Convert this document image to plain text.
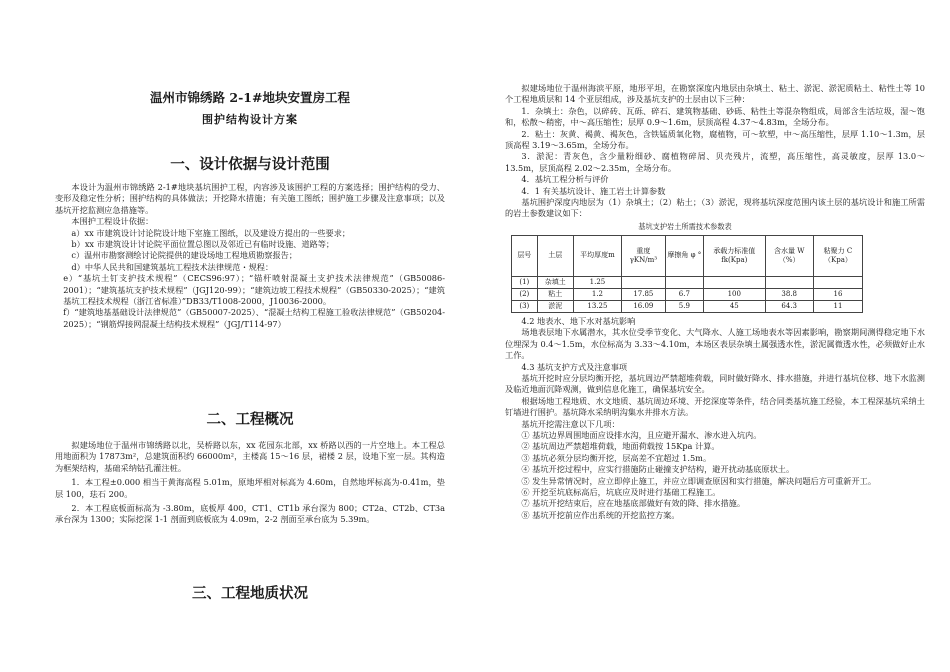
温州市锦绣路 2-1#地块安置房工程
围护结构设计方案
一、设计依据与设计范围

本设计为温州市锦绣路 2-1#地块基坑围护工程，内容涉及该围护工程的方案选择；围护结构的受力、变形及稳定性分析；围护结构的具体做法；开挖降水措施；有关施工图纸；围护施工步骤及注意事项；以及基坑开挖监测应急措施等。

本围护工程设计依据：

a）xx 市建筑设计讨论院设计地下室施工图纸，以及建设方提出的一些要求；

b）xx 市建筑设计讨论院平面位置总图以及邻近已有临时设施、道路等；

c）温州市勘察测绘讨论院提供的建设场地工程地质勘察报告；

d）中华人民共和国建筑基坑工程技术法律规范・规程：

e）“基坑土钉支护技术规程”（CECS96:97）；“锚杆喷射混凝土支护技术法律规范”（GB50086-2001）；“建筑基坑支护技术规程”（JGJ120-99）；“建筑边坡工程技术规程”（GB50330-2025）；“建筑基坑工程技术规程（浙江省标准）”DB33/T1008-2000，J10036-2000。

f）“建筑地基基础设计法律规范”（GB50007-2025）、“混凝土结构工程施工验收法律规范”（GB50204-2025）；“钢筋焊接网混凝土结构技术规程”（JGJ/T114-97）

二、工程概况

拟建场地位于温州市锦绣路以北，吴桥路以东，xx 花园东北部，xx 桥路以西的一片空地上。本工程总用地面积为 17873m²，总建筑面积约 66000m²，主楼高 15～16 层，裙楼 2 层，设地下室一层。其构造为框架结构，基础采纳钻孔灌注桩。

1．本工程±0.000 相当于黄海高程 5.01m，原地坪相对标高为 4.60m，自然地坪标高为-0.41m，垫层 100，珐石 200。

2．本工程底板面标高为 -3.80m，底板厚 400，CT1、CT1b 承台深为 800；CT2a、CT2b、CT3a 承台深为 1300；实际挖深 1-1 剖面到底板底为 4.09m，2-2 剖面至承台底为 5.39m。

三、工程地质状况

拟建场地位于温州海滨平原，地形平坦，在勘察深度内地层由杂填土、粘土、淤泥、淤泥质粘土、粘性土等 10 个工程地质层和 14 个亚层组成，涉及基坑支护的土层由以下三种：

1．杂填土：杂色，以碎砖、瓦砾、碎石、建筑物基础、砂砾、粘性土等混杂物组成，局部含生活垃圾，湿～饱和，松散～稍密，中～高压缩性；层厚 0.9～1.6m，层顶高程 4.37～4.83m，全场分布。

2．粘土：灰黄、褐黄、褐灰色，含铁锰质氧化物，腐植物，可～软塑，中～高压缩性，层厚 1.10～1.3m，层顶高程 3.19～3.65m，全场分布。

3．淤泥：青灰色，含少量粉细砂、腐植物碎屑、贝壳残片，流塑，高压缩性，高灵敏度，层厚 13.0～13.5m，层顶高程 2.02～2.35m，全场分布。

4．基坑工程分析与评价

4．1 有关基坑设计、施工岩土计算参数

基坑围护深度内地层为（1）杂填土；（2）粘土；（3）淤泥，现将基坑深度范围内该土层的基坑设计和施工所需的岩土参数建议如下：

基坑支护岩土所需技术参数表
层号	土层	平均厚度m	重度 γKN/m³	摩擦角 φ °	承载力标准值 fk(Kpa)	含水量 W（%）	粘聚力 C（Kpa）
(1)	杂填土	1.25					
(2)	粘土	1.2	17.85	6.7	100	38.8	16
(3)	淤泥	13.25	16.09	5.9	45	64.3	11

4.2 地表水、地下水对基坑影响

场地表层地下水属潜水，其水位受季节变化、大气降水、人施工场地表水等因素影响，勘察期间测得稳定地下水位埋深为 0.4～1.5m，水位标高为 3.33～4.10m，本场区表层杂填土属强透水性，淤泥属微透水性，必须做好止水工作。

4.3 基坑支护方式及注意事项

基坑开挖时应分层均衡开挖，基坑周边严禁超堆荷载，同时做好降水、排水措施，并进行基坑位移、地下水监测及临近地面沉降观测，做到信息化施工，确保基坑安全。

根据场地工程地质、水文地质、基坑周边环境、开挖深度等条件，结合同类基坑施工经验，本工程深基坑采纳土钉墙进行围护。基坑降水采纳明沟集水井排水方法。

基坑开挖需注意以下几项：

① 基坑边界周围地面应设排水沟，且应避开漏水、渗水进入坑内。

② 基坑周边严禁超堆荷载，地面荷载按 15Kpa 计算。

③ 基坑必须分层均衡开挖，层高差不宜超过 1.5m。

④ 基坑开挖过程中，应实行措施防止碰撞支护结构，避开扰动基底原状土。

⑤ 发生异常情况时，应立即停止施工，并应立即调查原因和实行措施，解决问题后方可重新开工。

⑥ 开挖至坑底标高后，坑底应及时进行基础工程施工。

⑦ 基坑开挖结束后，应在地基底部做好有效的降、排水措施。

⑧ 基坑开挖前应作出系统的开挖监控方案。
